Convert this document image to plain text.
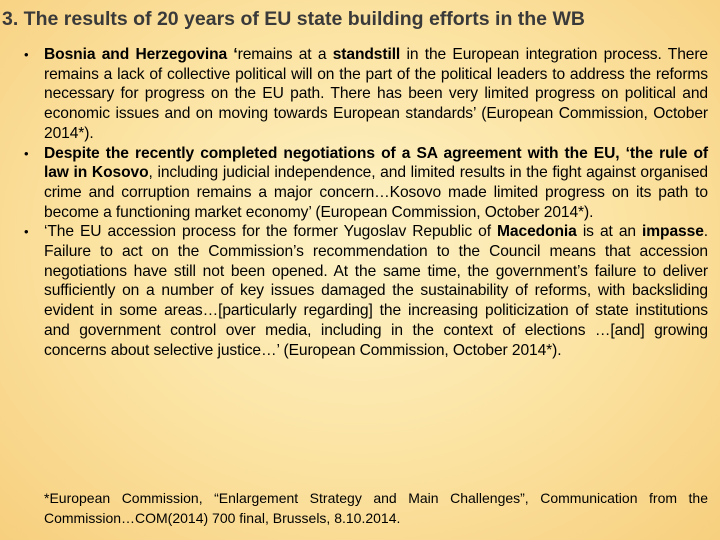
3. The results of 20 years of EU state building efforts in the WB
• Bosnia and Herzegovina ‘remains at a standstill in the European integration process. There remains a lack of collective political will on the part of the political leaders to address the reforms necessary for progress on the EU path. There has been very limited progress on political and economic issues and on moving towards European standards’ (European Commission, October 2014*).

• Despite the recently completed negotiations of a SA agreement with the EU, ‘the rule of law in Kosovo, including judicial independence, and limited results in the fight against organised crime and corruption remains a major concern…Kosovo made limited progress on its path to become a functioning market economy’ (European Commission, October 2014*).

• ‘The EU accession process for the former Yugoslav Republic of Macedonia is at an impasse. Failure to act on the Commission’s recommendation to the Council means that accession negotiations have still not been opened. At the same time, the government’s failure to deliver sufficiently on a number of key issues damaged the sustainability of reforms, with backsliding evident in some areas…[particularly regarding] the increasing politicization of state institutions and government control over media, including in the context of elections …[and] growing concerns about selective justice…’ (European Commission, October 2014*).

*European Commission, “Enlargement Strategy and Main Challenges”, Communication from the Commission…COM(2014) 700 final, Brussels, 8.10.2014.
